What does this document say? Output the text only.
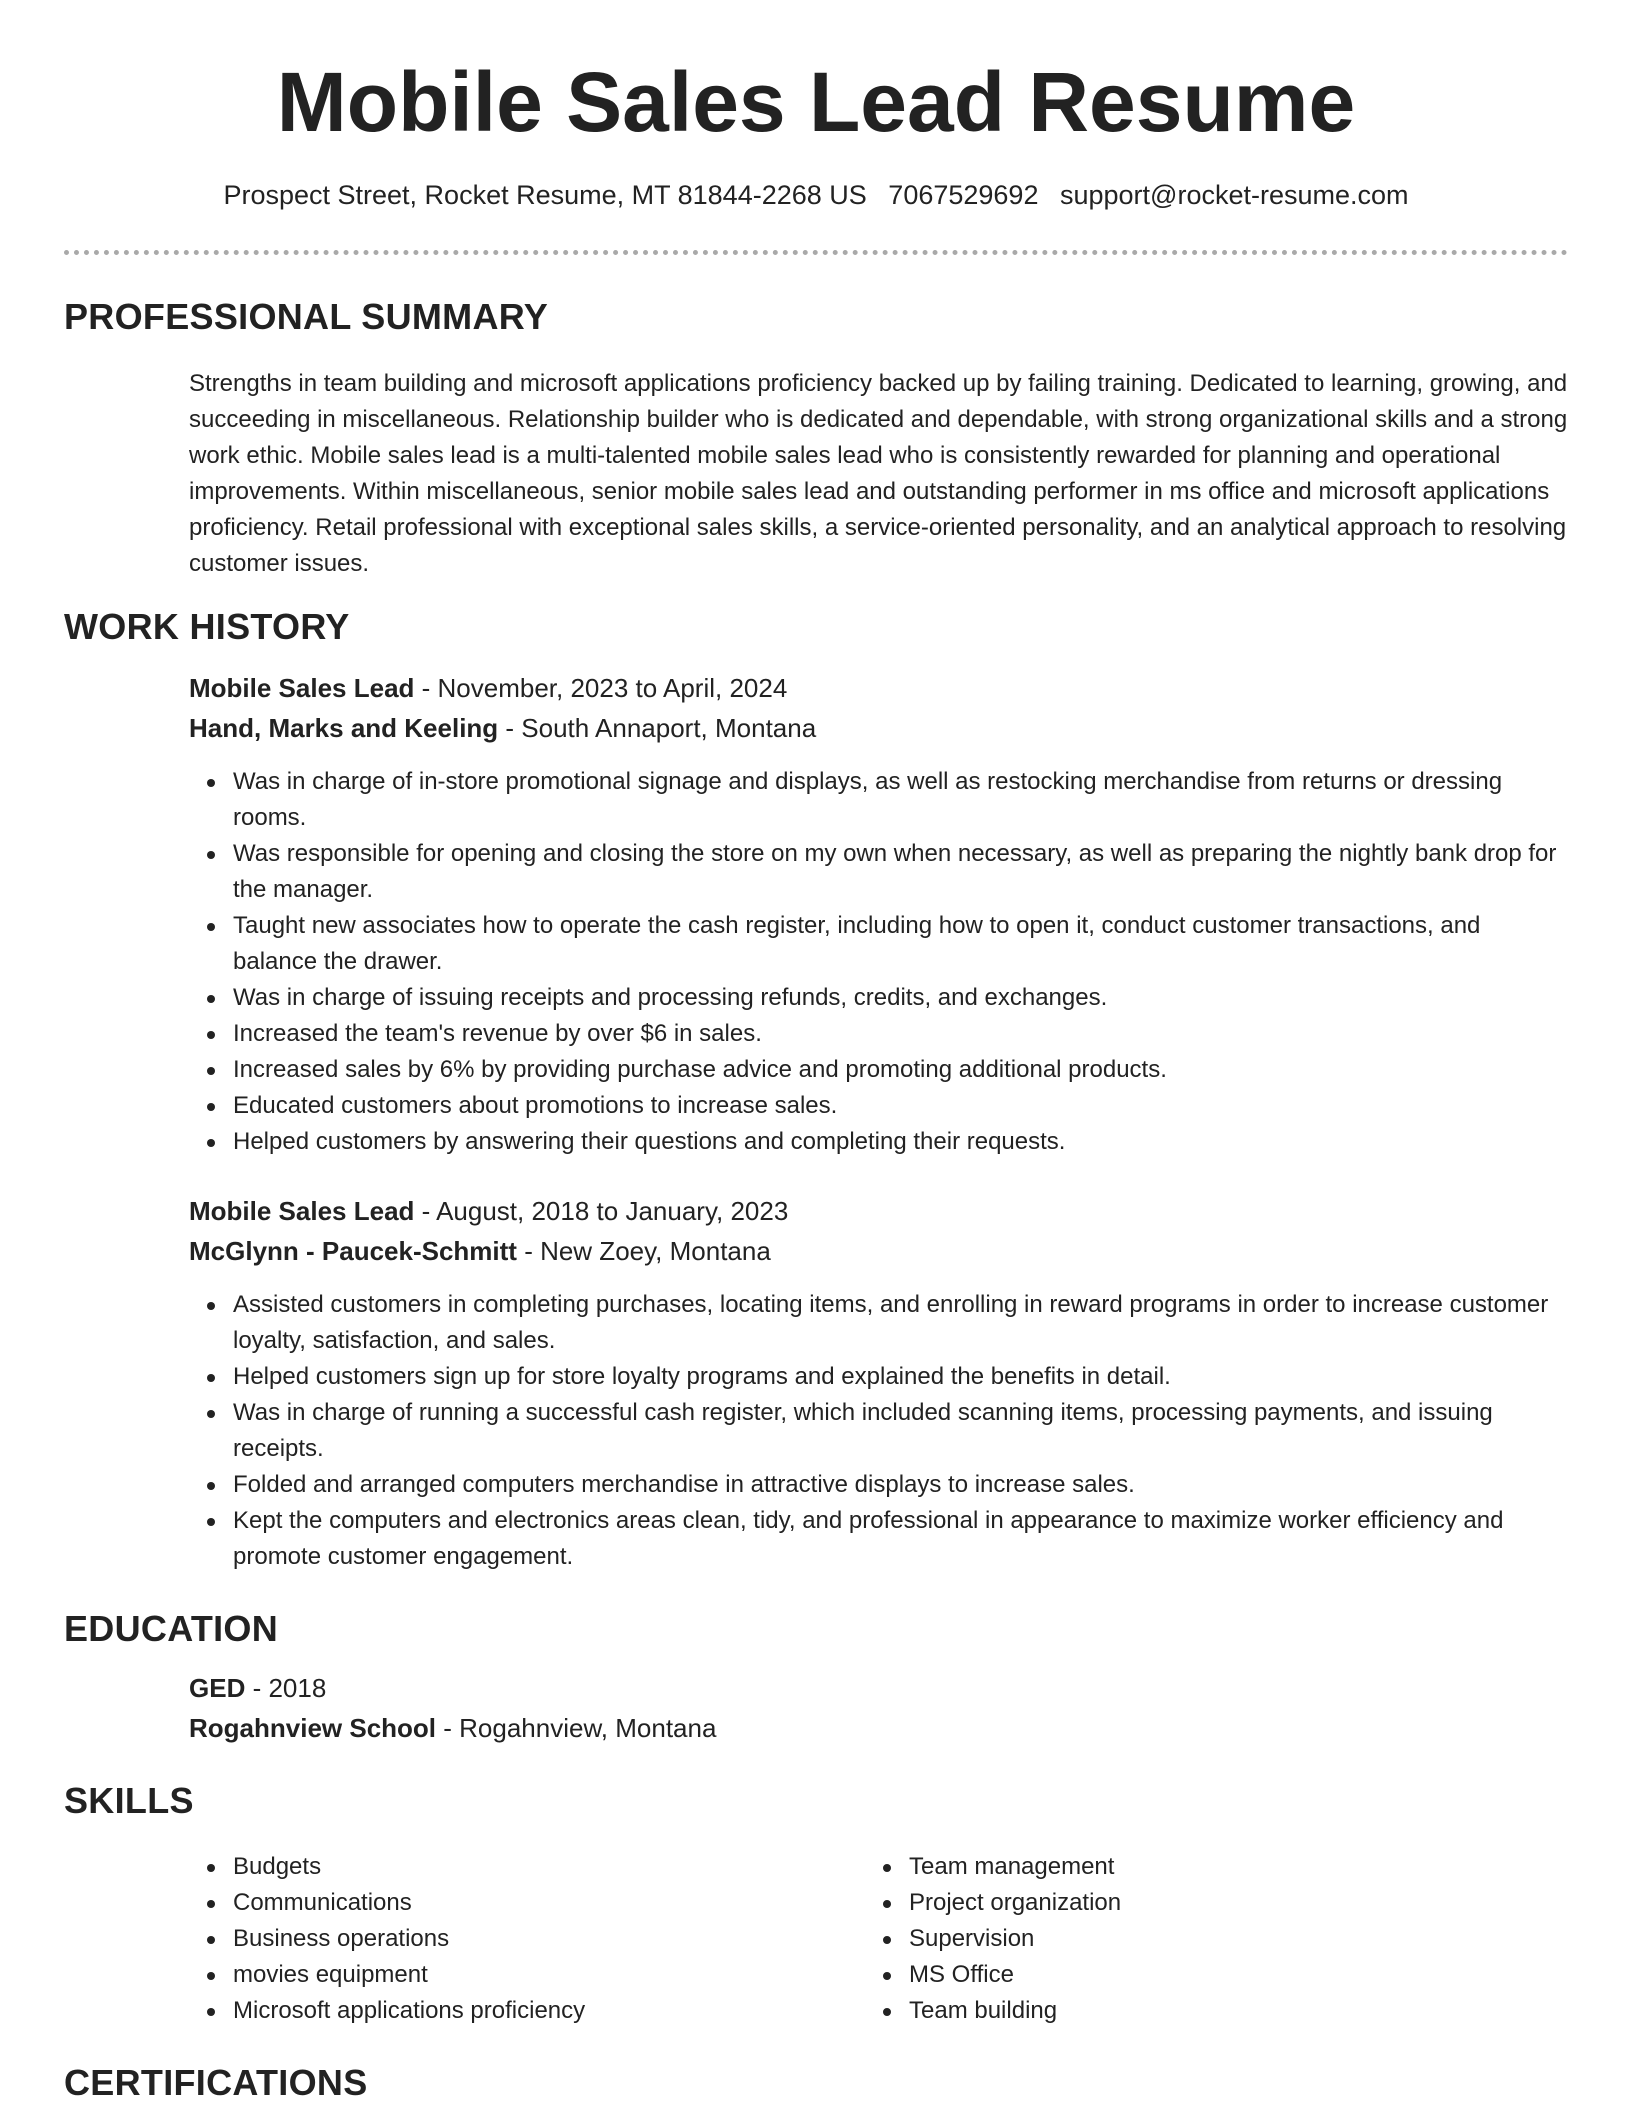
Mobile Sales Lead Resume
Prospect Street, Rocket Resume, MT 81844-2268 US 7067529692 support@rocket-resume.com
PROFESSIONAL SUMMARY

Strengths in team building and microsoft applications proficiency backed up by failing training. Dedicated to learning, growing, and succeeding in miscellaneous. Relationship builder who is dedicated and dependable, with strong organizational skills and a strong work ethic. Mobile sales lead is a multi-talented mobile sales lead who is consistently rewarded for planning and operational improvements. Within miscellaneous, senior mobile sales lead and outstanding performer in ms office and microsoft applications proficiency. Retail professional with exceptional sales skills, a service-oriented personality, and an analytical approach to resolving customer issues.

WORK HISTORY
Mobile Sales Lead - November, 2023 to April, 2024
Hand, Marks and Keeling - South Annaport, Montana
Was in charge of in-store promotional signage and displays, as well as restocking merchandise from returns or dressing rooms.
Was responsible for opening and closing the store on my own when necessary, as well as preparing the nightly bank drop for the manager.
Taught new associates how to operate the cash register, including how to open it, conduct customer transactions, and balance the drawer.
Was in charge of issuing receipts and processing refunds, credits, and exchanges.
Increased the team's revenue by over $6 in sales.
Increased sales by 6% by providing purchase advice and promoting additional products.
Educated customers about promotions to increase sales.
Helped customers by answering their questions and completing their requests.
Mobile Sales Lead - August, 2018 to January, 2023
McGlynn - Paucek-Schmitt - New Zoey, Montana
Assisted customers in completing purchases, locating items, and enrolling in reward programs in order to increase customer loyalty, satisfaction, and sales.
Helped customers sign up for store loyalty programs and explained the benefits in detail.
Was in charge of running a successful cash register, which included scanning items, processing payments, and issuing receipts.
Folded and arranged computers merchandise in attractive displays to increase sales.
Kept the computers and electronics areas clean, tidy, and professional in appearance to maximize worker efficiency and promote customer engagement.
EDUCATION
GED - 2018
Rogahnview School - Rogahnview, Montana
SKILLS
Budgets
Communications
Business operations
movies equipment
Microsoft applications proficiency
Team management
Project organization
Supervision
MS Office
Team building
CERTIFICATIONS
